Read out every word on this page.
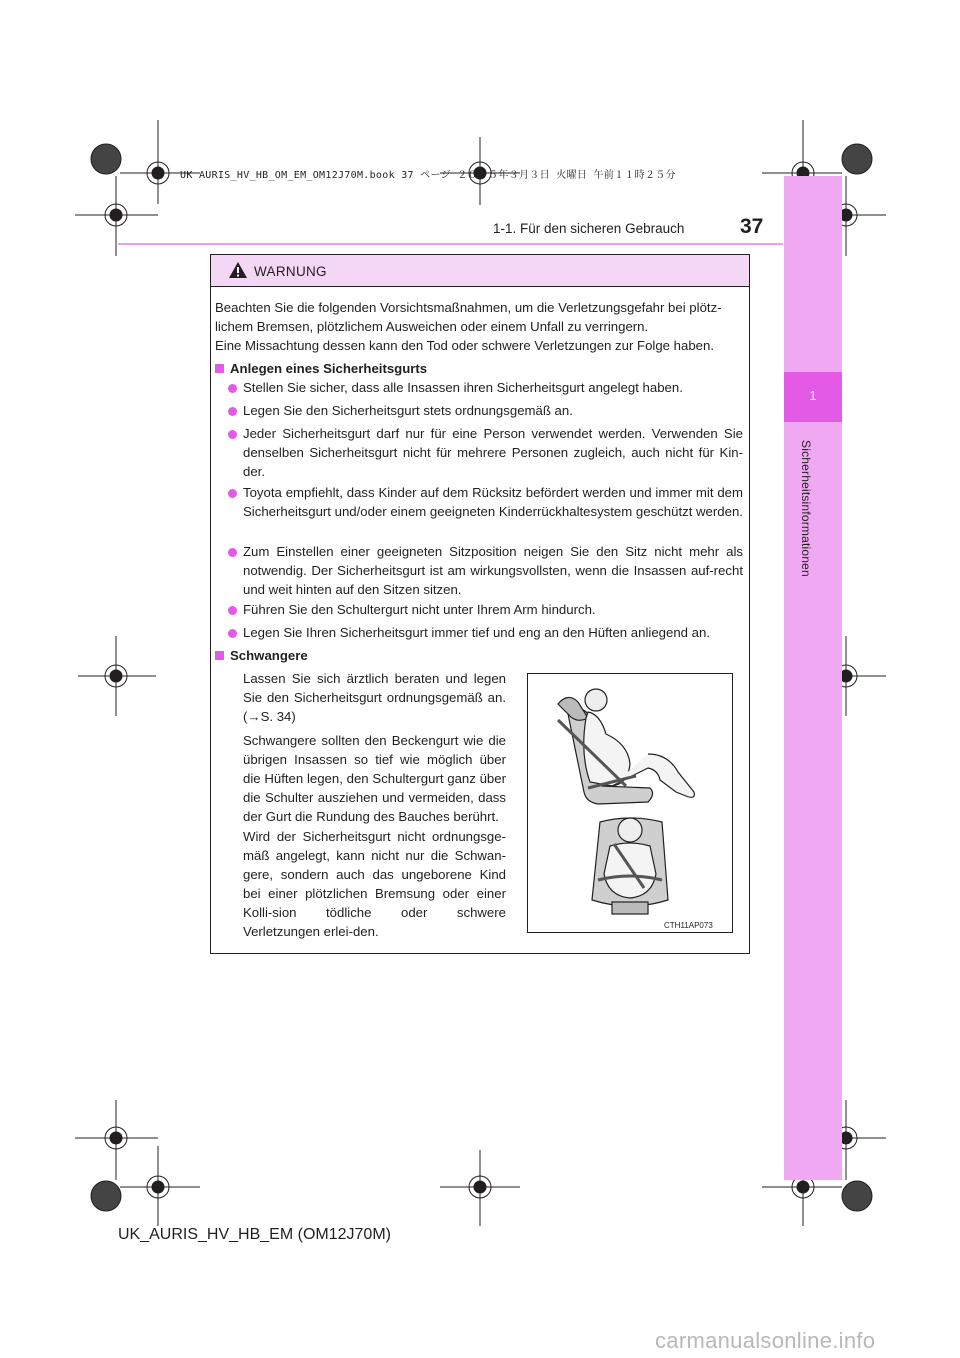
1
Sicherheitsinformationen
UK AURIS_HV_HB_OM_EM_OM12J70M.book 37 ページ ２０１５年３月３日 火曜日 午前１１時２５分
1-1. Für den sicheren Gebrauch	37
WARNUNG
Beachten Sie die folgenden Vorsichtsmaßnahmen, um die Verletzungsgefahr bei plötz-
lichem Bremsen, plötzlichem Ausweichen oder einem Unfall zu verringern.
Eine Missachtung dessen kann den Tod oder schwere Verletzungen zur Folge haben.
Anlegen eines Sicherheitsgurts
Stellen Sie sicher, dass alle Insassen ihren Sicherheitsgurt angelegt haben.
Legen Sie den Sicherheitsgurt stets ordnungsgemäß an.
Jeder Sicherheitsgurt darf nur für eine Person verwendet werden. Verwenden Sie denselben Sicherheitsgurt nicht für mehrere Personen zugleich, auch nicht für Kin-der.
Toyota empfiehlt, dass Kinder auf dem Rücksitz befördert werden und immer mit dem Sicherheitsgurt und/oder einem geeigneten Kinderrückhaltesystem geschützt werden.
Zum Einstellen einer geeigneten Sitzposition neigen Sie den Sitz nicht mehr als notwendig. Der Sicherheitsgurt ist am wirkungsvollsten, wenn die Insassen auf-recht und weit hinten auf den Sitzen sitzen.
Führen Sie den Schultergurt nicht unter Ihrem Arm hindurch.
Legen Sie Ihren Sicherheitsgurt immer tief und eng an den Hüften anliegend an.
Schwangere
Lassen Sie sich ärztlich beraten und legen Sie den Sicherheitsgurt ordnungsgemäß an. (→S. 34)
Schwangere sollten den Beckengurt wie die übrigen Insassen so tief wie möglich über die Hüften legen, den Schultergurt ganz über die Schulter ausziehen und vermeiden, dass der Gurt die Rundung des Bauches berührt.
Wird der Sicherheitsgurt nicht ordnungsge-mäß angelegt, kann nicht nur die Schwan-gere, sondern auch das ungeborene Kind bei einer plötzlichen Bremsung oder einer Kolli-sion tödliche oder schwere Verletzungen erlei-den.	CTH11AP073
UK_AURIS_HV_HB_EM (OM12J70M)
carmanualsonline.info
